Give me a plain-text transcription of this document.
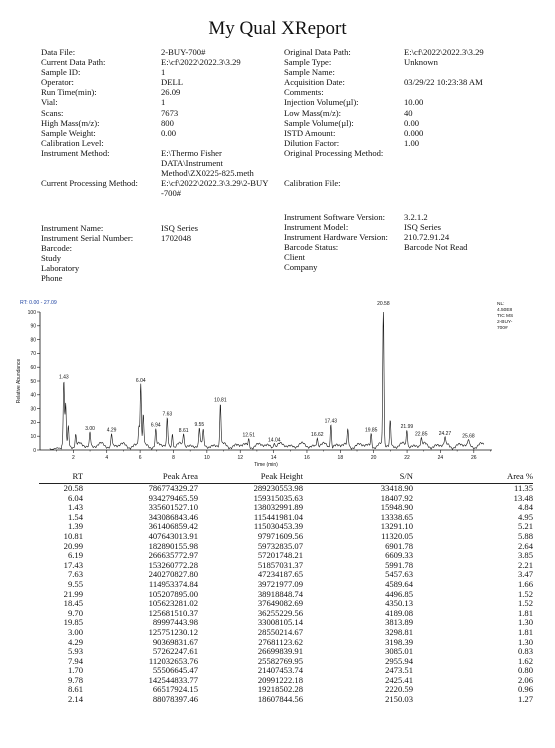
My Qual XReport
Data File:	2-BUY-700#
Current Data Path:	E:\cf\2022\2022.3\3.29
Sample ID:	1
Operator:	DELL
Run Time(min):	26.09
Vial:	1
Scans:	7673
High Mass(m/z):	800
Sample Weight:	0.00
Calibration Level:
Instrument Method:	E:\Thermo Fisher
DATA\Instrument
Method\ZX0225-825.meth
Current Processing Method:	E:\cf\2022\2022.3\3.29\2-BUY
-700#
Original Data Path:	E:\cf\2022\2022.3\3.29
Sample Type:	Unknown
Sample Name:
Acquisition Date:	03/29/22 10:23:38 AM
Comments:
Injection Volume(µl):	10.00
Low Mass(m/z):	40
Sample Volume(µl):	0.00
ISTD Amount:	0.000
Dilution Factor:	1.00
Original Processing Method:

Calibration File:
Instrument Name:	ISQ Series
Instrument Serial Number:	1702048
Barcode:
Study
Laboratory
Phone
Instrument Software Version:	3.2.1.2
Instrument Model:	ISQ Series
Instrument Hardware Version:	210.72.91.24
Barcode Status:	Barcode Not Read
Client
Company
RT: 0.00 - 27.09
0
10
20
30
40
50
60
70
80
90
100
2	4	6	8	10	12	14	16	18	20	22	24	26
Time (min)
Relative Abundance
NL:
4.50E8
TIC MS
2-BUY-
700#
1.43
3.00 4.29
6.04
6.94
7.63
8.61
9.55
10.81
12.51
14.04
16.62
17.43
19.85
20.58
21.99
22.85 24.27 25.68
RT	Peak Area	Peak Height	S/N	Area %
20.58	786774329.27	289230553.98	33418.90	11.35
6.04	934279465.59	159315035.63	18407.92	13.48
1.43	335601527.10	138032991.89	15948.90	4.84
1.54	343086843.46	115441981.04	13338.65	4.95
1.39	361406859.42	115030453.39	13291.10	5.21
10.81	407643013.91	97971609.56	11320.05	5.88
20.99	182890155.98	59732835.07	6901.78	2.64
6.19	266635772.97	57201748.21	6609.33	3.85
17.43	153260772.28	51857031.37	5991.78	2.21
7.63	240270827.80	47234187.65	5457.63	3.47
9.55	114953374.84	39721977.09	4589.64	1.66
21.99	105207895.00	38918848.74	4496.85	1.52
18.45	105623281.02	37649082.69	4350.13	1.52
9.70	125681510.37	36255229.56	4189.08	1.81
19.85	89997443.98	33008105.14	3813.89	1.30
3.00	125751230.12	28550214.67	3298.81	1.81
4.29	90369831.67	27681123.62	3198.39	1.30
5.93	57262247.61	26699839.91	3085.01	0.83
7.94	112032653.76	25582769.95	2955.94	1.62
1.70	55506645.47	21407453.74	2473.51	0.80
9.78	142544833.77	20991222.18	2425.41	2.06
8.61	66517924.15	19218502.28	2220.59	0.96
2.14	88078397.46	18607844.56	2150.03	1.27
